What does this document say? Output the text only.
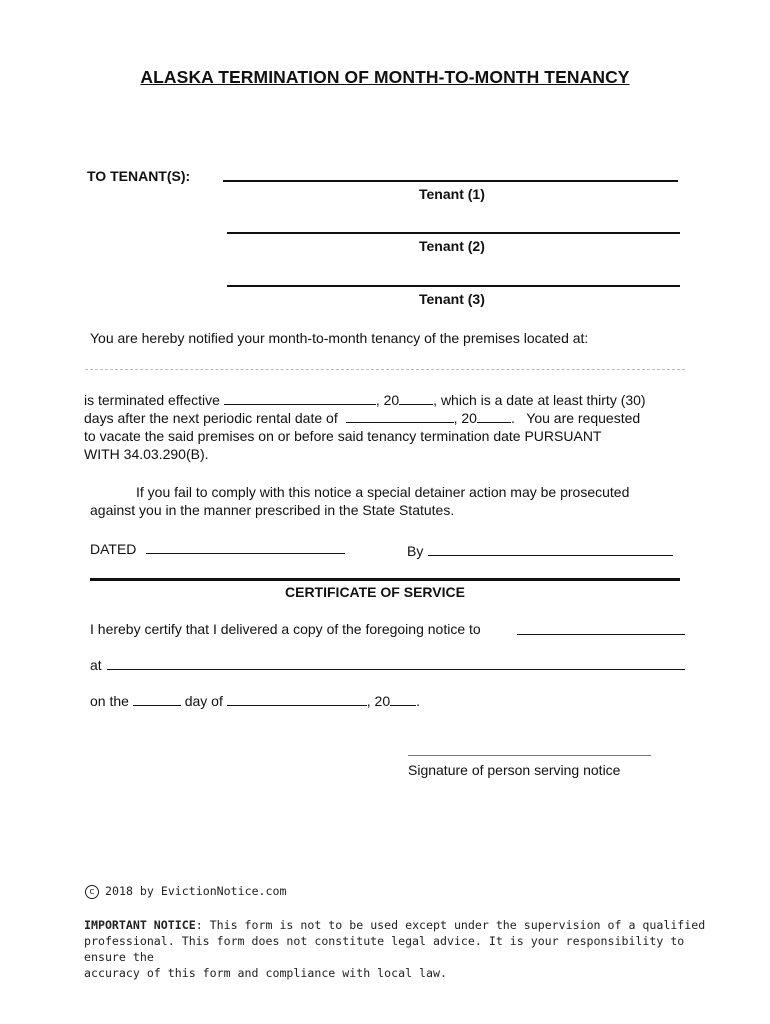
ALASKA TERMINATION OF MONTH-TO-MONTH TENANCY
TO TENANT(S):
Tenant (1)
Tenant (2)
Tenant (3)
You are hereby notified your month-to-month tenancy of the premises located at:
is terminated effective	, 20 , which is a date at least thirty (30)
days after the next periodic rental date of	, 20 .   You are requested
to vacate the said premises on or before said tenancy termination date PURSUANT
WITH 34.03.290(B).
If you fail to comply with this notice a special detainer action may be prosecuted
against you in the manner prescribed in the State Statutes.
DATED	By
CERTIFICATE OF SERVICE
I hereby certify that I delivered a copy of the foregoing notice to
at
on the	day of	, 20 .
Signature of person serving notice
c 2018 by EvictionNotice.com
IMPORTANT NOTICE: This form is not to be used except under the supervision of a qualified
professional. This form does not constitute legal advice. It is your responsibility to ensure the
accuracy of this form and compliance with local law.
